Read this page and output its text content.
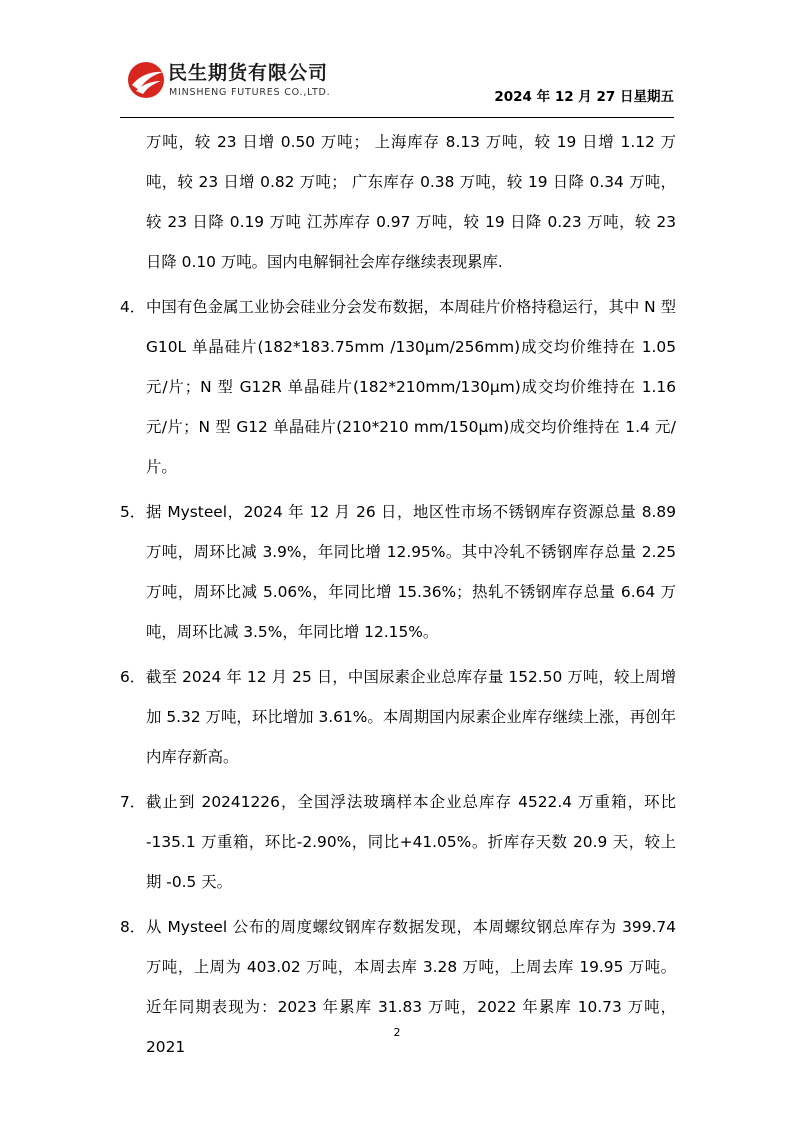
民生期货有限公司
MINSHENG FUTURES CO.,LTD.	2024 年 12 月 27 日星期五

万吨，较 23 日增 0.50 万吨； 上海库存 8.13 万吨，较 19 日增 1.12 万吨，较 23 日增 0.82 万吨； 广东库存 0.38 万吨，较 19 日降 0.34 万吨，较 23 日降 0.19 万吨 江苏库存 0.97 万吨，较 19 日降 0.23 万吨，较 23 日降 0.10 万吨。国内电解铜社会库存继续表现累库.

4． 中国有色金属工业协会硅业分会发布数据，本周硅片价格持稳运行，其中 N 型 G10L 单晶硅片(182*183.75mm /130μm/256mm)成交均价维持在 1.05 元/片；N 型 G12R 单晶硅片(182*210mm/130μm)成交均价维持在 1.16 元/片；N 型 G12 单晶硅片(210*210 mm/150μm)成交均价维持在 1.4 元/片。

5． 据 Mysteel，2024 年 12 月 26 日，地区性市场不锈钢库存资源总量 8.89 万吨，周环比减 3.9%，年同比增 12.95%。其中冷轧不锈钢库存总量 2.25 万吨，周环比减 5.06%，年同比增 15.36%；热轧不锈钢库存总量 6.64 万吨，周环比减 3.5%，年同比增 12.15%。

6． 截至 2024 年 12 月 25 日，中国尿素企业总库存量 152.50 万吨，较上周增加 5.32 万吨，环比增加 3.61%。本周期国内尿素企业库存继续上涨，再创年内库存新高。

7． 截止到 20241226，全国浮法玻璃样本企业总库存 4522.4 万重箱，环比 -135.1 万重箱，环比-2.90%，同比+41.05%。折库存天数 20.9 天，较上期 -0.5 天。

8． 从 Mysteel 公布的周度螺纹钢库存数据发现，本周螺纹钢总库存为 399.74 万吨，上周为 403.02 万吨，本周去库 3.28 万吨，上周去库 19.95 万吨。近年同期表现为：2023 年累库 31.83 万吨，2022 年累库 10.73 万吨，2021

2
